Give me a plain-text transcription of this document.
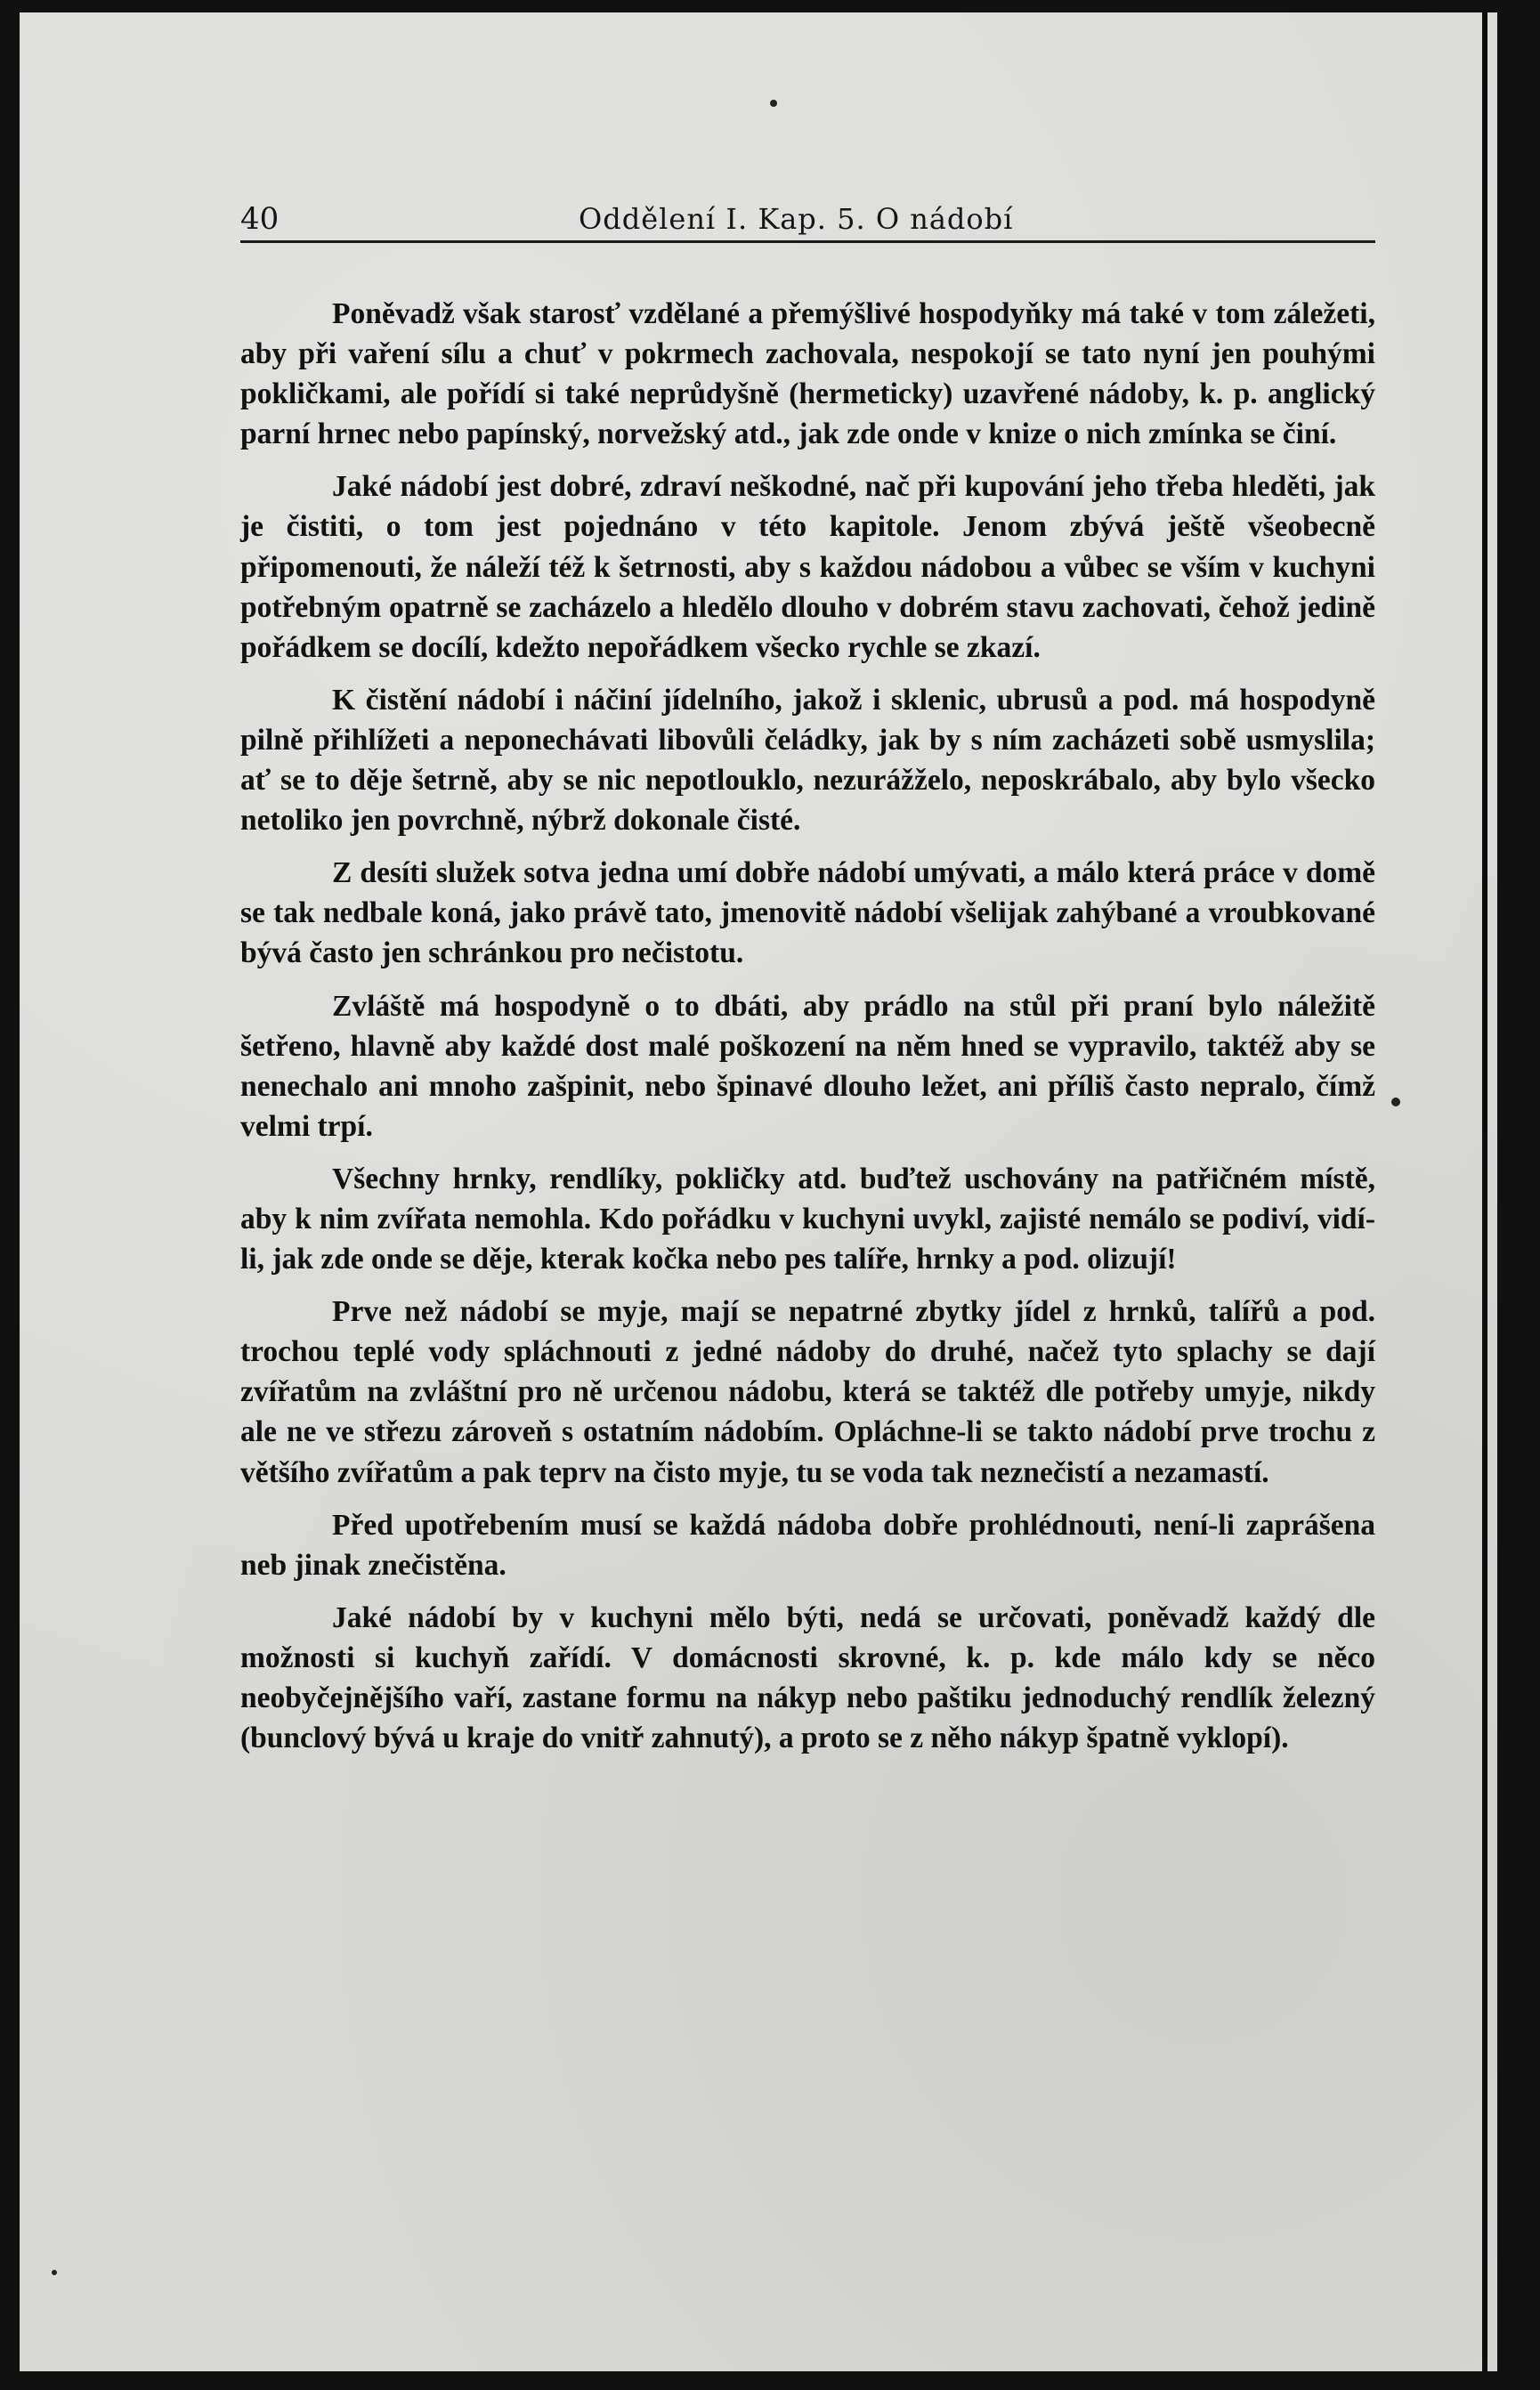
40	Oddělení I. Kap. 5. O nádobí

Poněvadž však starosť vzdělané a přemýšlivé hospodyňky má také v tom záležeti, aby při vaření sílu a chuť v pokrmech zachovala, nespokojí se tato nyní jen pouhými pokličkami, ale pořídí si také neprůdyšně (hermeticky) uzavřené nádoby, k. p. anglický parní hrnec nebo papínský, norvežský atd., jak zde onde v knize o nich zmínka se činí.

Jaké nádobí jest dobré, zdraví neškodné, nač při kupování jeho třeba hleděti, jak je čistiti, o tom jest pojednáno v této kapitole. Jenom zbývá ještě všeobecně připomenouti, že náleží též k šetrnosti, aby s každou nádobou a vůbec se vším v kuchyni potřebným opatrně se zacházelo a hledělo dlouho v dobrém stavu zachovati, čehož jedině pořádkem se docílí, kdežto nepořádkem všecko rychle se zkazí.

K čistění nádobí i náčiní jídelního, jakož i sklenic, ubrusů a pod. má hospodyně pilně přihlížeti a neponechávati libovůli čeládky, jak by s ním zacházeti sobě usmyslila; ať se to děje šetrně, aby se nic nepotlouklo, nezurážželo, neposkrábalo, aby bylo všecko netoliko jen povrchně, nýbrž dokonale čisté.

Z desíti služek sotva jedna umí dobře nádobí umývati, a málo která práce v domě se tak nedbale koná, jako právě tato, jmenovitě nádobí všelijak zahýbané a vroubkované bývá často jen schránkou pro nečistotu.

Zvláště má hospodyně o to dbáti, aby prádlo na stůl při praní bylo náležitě šetřeno, hlavně aby každé dost malé poškození na něm hned se vypravilo, taktéž aby se nenechalo ani mnoho zašpinit, nebo špinavé dlouho ležet, ani příliš často nepralo, čímž velmi trpí.

Všechny hrnky, rendlíky, pokličky atd. buďtež uschovány na patřičném místě, aby k nim zvířata nemohla. Kdo pořádku v kuchyni uvykl, zajisté nemálo se podiví, vidí-li, jak zde onde se děje, kterak kočka nebo pes talíře, hrnky a pod. olizují!

Prve než nádobí se myje, mají se nepatrné zbytky jídel z hrnků, talířů a pod. trochou teplé vody spláchnouti z jedné nádoby do druhé, načež tyto splachy se dají zvířatům na zvláštní pro ně určenou nádobu, která se taktéž dle potřeby umyje, nikdy ale ne ve střezu zároveň s ostatním nádobím. Opláchne-li se takto nádobí prve trochu z většího zvířatům a pak teprv na čisto myje, tu se voda tak neznečistí a nezamastí.

Před upotřebením musí se každá nádoba dobře prohlédnouti, není-li zaprášena neb jinak znečistěna.

Jaké nádobí by v kuchyni mělo býti, nedá se určovati, poněvadž každý dle možnosti si kuchyň zařídí. V domácnosti skrovné, k. p. kde málo kdy se něco neobyčejnějšího vaří, zastane formu na nákyp nebo paštiku jednoduchý rendlík železný (bunclový bývá u kraje do vnitř zahnutý), a proto se z něho nákyp špatně vyklopí).
